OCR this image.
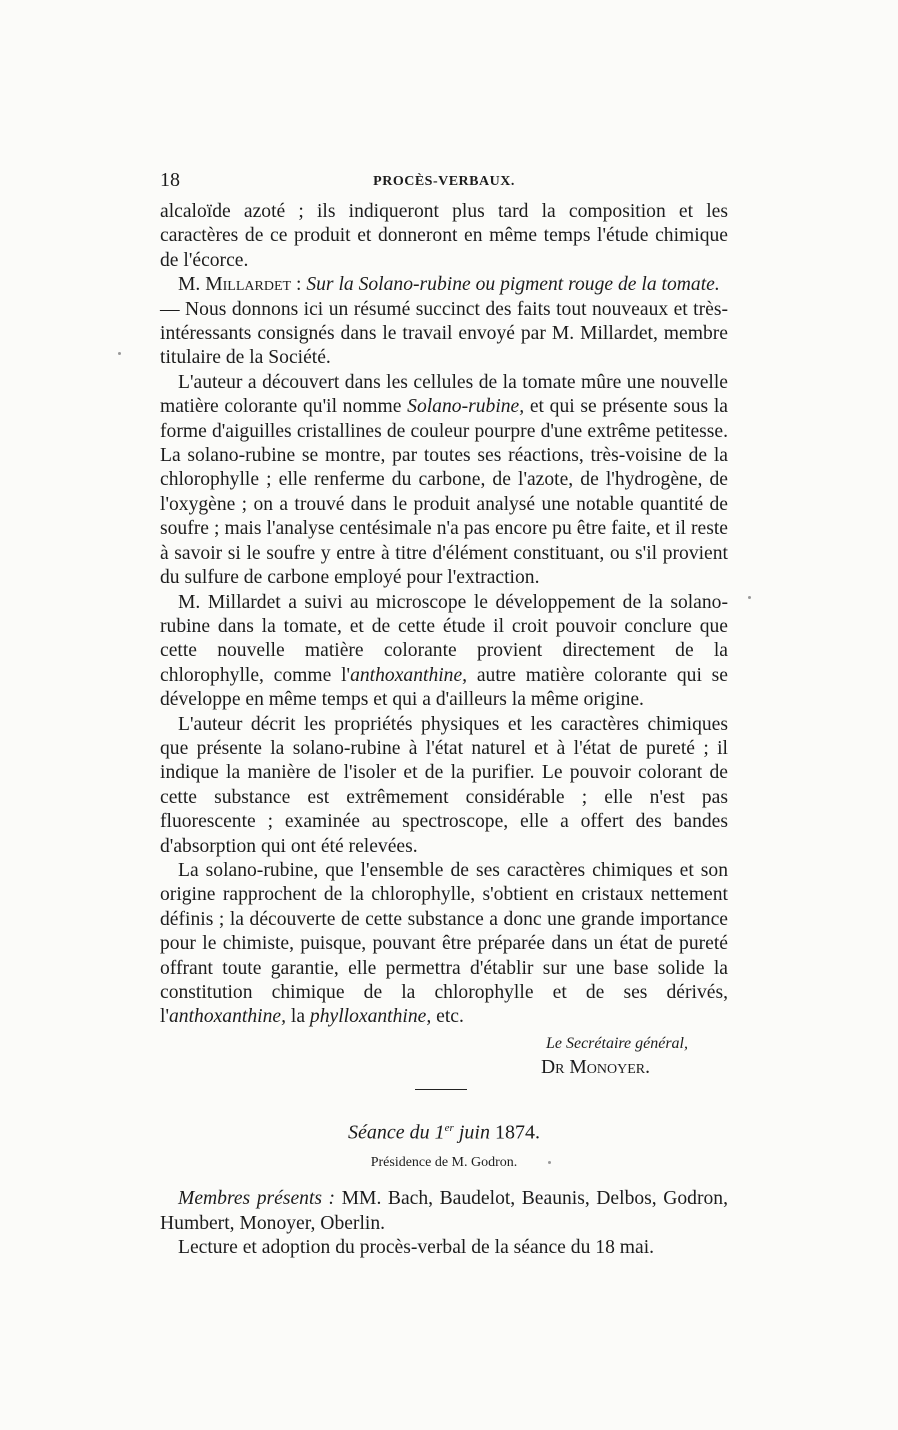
18	PROCÈS-VERBAUX.

alcaloïde azoté ; ils indiqueront plus tard la composition et les caractères de ce produit et donneront en même temps l'étude chimique de l'écorce.

M. Millardet : Sur la Solano-rubine ou pigment rouge de la tomate.
— Nous donnons ici un résumé succinct des faits tout nouveaux et très-intéressants consignés dans le travail envoyé par M. Millardet, membre titulaire de la Société.

L'auteur a découvert dans les cellules de la tomate mûre une nouvelle matière colorante qu'il nomme Solano-rubine, et qui se présente sous la forme d'aiguilles cristallines de couleur pourpre d'une extrême petitesse. La solano-rubine se montre, par toutes ses réactions, très-voisine de la chlorophylle ; elle renferme du carbone, de l'azote, de l'hydrogène, de l'oxygène ; on a trouvé dans le produit analysé une notable quantité de soufre ; mais l'analyse centésimale n'a pas encore pu être faite, et il reste à savoir si le soufre y entre à titre d'élément constituant, ou s'il provient du sulfure de carbone employé pour l'extraction.

M. Millardet a suivi au microscope le développement de la solano-rubine dans la tomate, et de cette étude il croit pouvoir conclure que cette nouvelle matière colorante provient directement de la chlorophylle, comme l'anthoxanthine, autre matière colorante qui se développe en même temps et qui a d'ailleurs la même origine.

L'auteur décrit les propriétés physiques et les caractères chimiques que présente la solano-rubine à l'état naturel et à l'état de pureté ; il indique la manière de l'isoler et de la purifier. Le pouvoir colorant de cette substance est extrêmement considérable ; elle n'est pas fluorescente ; examinée au spectroscope, elle a offert des bandes d'absorption qui ont été relevées.

La solano-rubine, que l'ensemble de ses caractères chimiques et son origine rapprochent de la chlorophylle, s'obtient en cristaux nettement définis ; la découverte de cette substance a donc une grande importance pour le chimiste, puisque, pouvant être préparée dans un état de pureté offrant toute garantie, elle permettra d'établir sur une base solide la constitution chimique de la chlorophylle et de ses dérivés, l'anthoxanthine, la phylloxanthine, etc.

Le Secrétaire général,
Dr Monoyer.
Séance du 1er juin 1874.
Présidence de M. Godron.

Membres présents : MM. Bach, Baudelot, Beaunis, Delbos, Godron, Humbert, Monoyer, Oberlin.

Lecture et adoption du procès-verbal de la séance du 18 mai.
